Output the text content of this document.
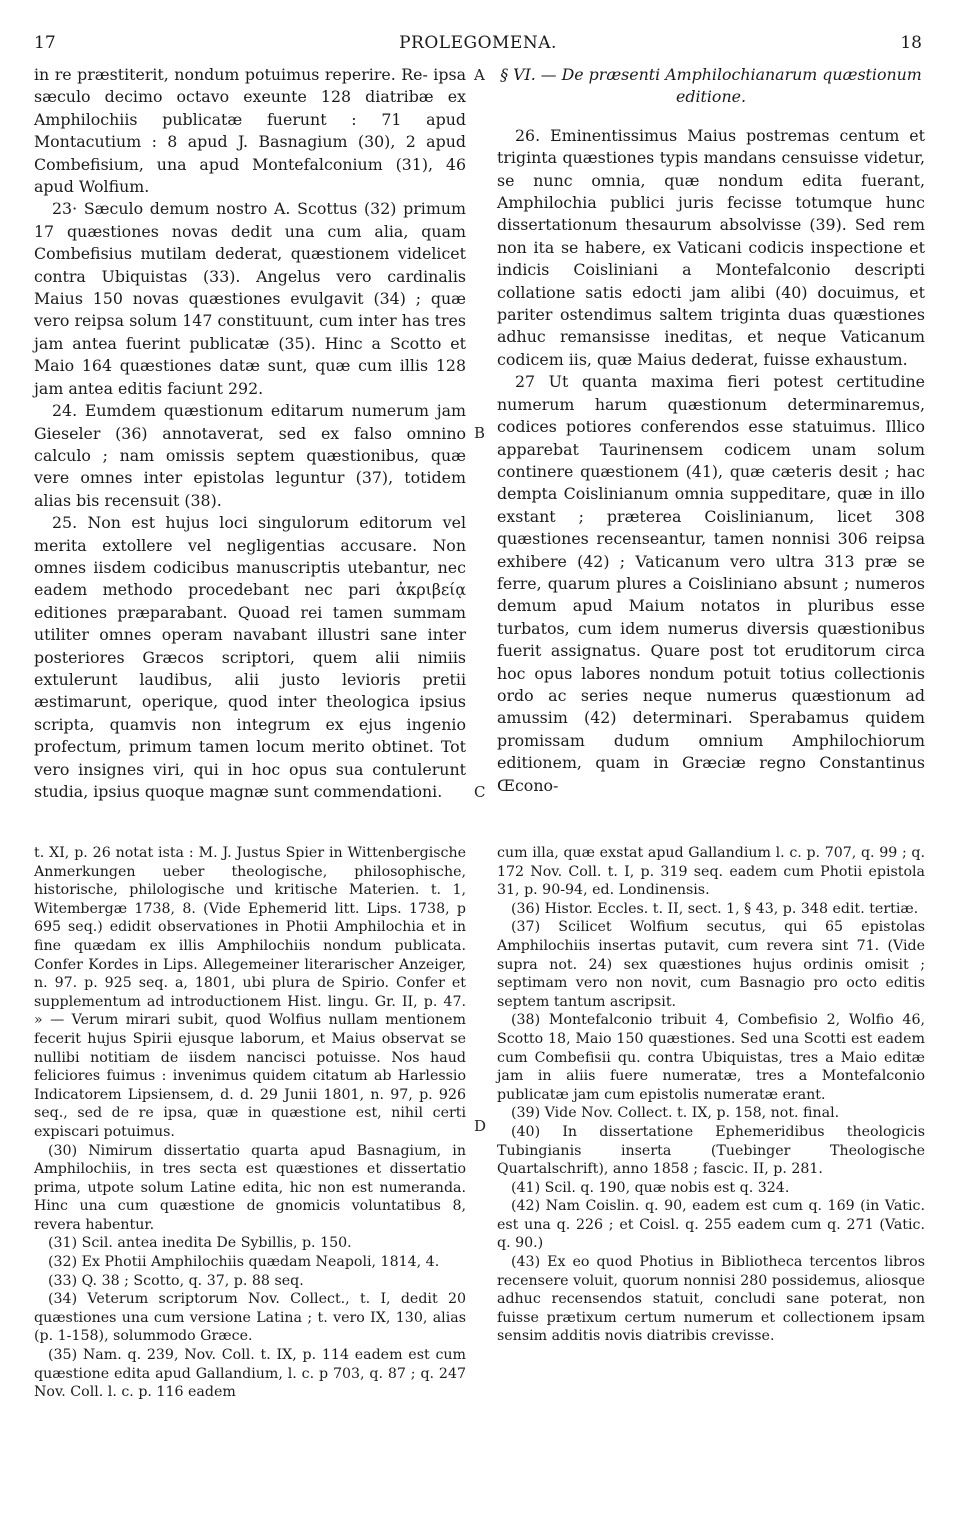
17	PROLEGOMENA.	18
A
B
C
D

in re præstiterit, nondum potuimus reperire. Re- ipsa sæculo decimo octavo exeunte 128 diatribæ ex Amphilochiis publicatæ fuerunt : 71 apud Montacutium : 8 apud J. Basnagium (30), 2 apud Combefisium, una apud Montefalconium (31), 46 apud Wolfium.

23· Sæculo demum nostro A. Scottus (32) primum 17 quæstiones novas dedit una cum alia, quam Combefisius mutilam dederat, quæstionem videlicet contra Ubiquistas (33). Angelus vero cardinalis Maius 150 novas quæstiones evulgavit (34) ; quæ vero reipsa solum 147 constituunt, cum inter has tres jam antea fuerint publicatæ (35). Hinc a Scotto et Maio 164 quæstiones datæ sunt, quæ cum illis 128 jam antea editis faciunt 292.

24. Eumdem quæstionum editarum numerum jam Gieseler (36) annotaverat, sed ex falso omnino calculo ; nam omissis septem quæstionibus, quæ vere omnes inter epistolas leguntur (37), totidem alias bis recensuit (38).

25. Non est hujus loci singulorum editorum vel merita extollere vel negligentias accusare. Non omnes iisdem codicibus manuscriptis utebantur, nec eadem methodo procedebant nec pari ἀκριβείᾳ editiones præparabant. Quoad rei tamen summam utiliter omnes operam navabant illustri sane inter posteriores Græcos scriptori, quem alii nimiis extulerunt laudibus, alii justo levioris pretii æstimarunt, operique, quod inter theologica ipsius scripta, quamvis non integrum ex ejus ingenio profectum, primum tamen locum merito obtinet. Tot vero insignes viri, qui in hoc opus sua contulerunt studia, ipsius quoque magnæ sunt commendationi.

§ VI. — De præsenti Amphilochianarum quæstionum editione.

26. Eminentissimus Maius postremas centum et triginta quæstiones typis mandans censuisse videtur, se nunc omnia, quæ nondum edita fuerant, Amphilochia publici juris fecisse totumque hunc dissertationum thesaurum absolvisse (39). Sed rem non ita se habere, ex Vaticani codicis inspectione et indicis Coisliniani a Montefalconio descripti collatione satis edocti jam alibi (40) docuimus, et pariter ostendimus saltem triginta duas quæstiones adhuc remansisse ineditas, et neque Vaticanum codicem iis, quæ Maius dederat, fuisse exhaustum.

27 Ut quanta maxima fieri potest certitudine numerum harum quæstionum determinaremus, codices potiores conferendos esse statuimus. Illico apparebat Taurinensem codicem unam solum continere quæstionem (41), quæ cæteris desit ; hac dempta Coislinianum omnia suppeditare, quæ in illo exstant ; præterea Coislinianum, licet 308 quæstiones recenseantur, tamen nonnisi 306 reipsa exhibere (42) ; Vaticanum vero ultra 313 præ se ferre, quarum plures a Coisliniano absunt ; numeros demum apud Maium notatos in pluribus esse turbatos, cum idem numerus diversis quæstionibus fuerit assignatus. Quare post tot eruditorum circa hoc opus labores nondum potuit totius collectionis ordo ac series neque numerus quæstionum ad amussim (42) determinari. Sperabamus quidem promissam dudum omnium Amphilochiorum editionem, quam in Græciæ regno Constantinus Œcono-

t. XI, p. 26 notat ista : M. J. Justus Spier in Wittenbergische Anmerkungen ueber theologische, philosophische, historische, philologische und kritische Materien. t. 1, Witembergæ 1738, 8. (Vide Ephemerid litt. Lips. 1738, p 695 seq.) edidit observationes in Photii Amphilochia et in fine quædam ex illis Amphilochiis nondum publicata. Confer Kordes in Lips. Allegemeiner literarischer Anzeiger, n. 97. p. 925 seq. a, 1801, ubi plura de Spirio. Confer et supplementum ad introductionem Hist. lingu. Gr. II, p. 47. » — Verum mirari subit, quod Wolfius nullam mentionem fecerit hujus Spirii ejusque laborum, et Maius observat se nullibi notitiam de iisdem nancisci potuisse. Nos haud feliciores fuimus : invenimus quidem citatum ab Harlessio Indicatorem Lipsiensem, d. d. 29 Junii 1801, n. 97, p. 926 seq., sed de re ipsa, quæ in quæstione est, nihil certi expiscari potuimus.

(30) Nimirum dissertatio quarta apud Basnagium, in Amphilochiis, in tres secta est quæstiones et dissertatio prima, utpote solum Latine edita, hic non est numeranda. Hinc una cum quæstione de gnomicis voluntatibus 8, revera habentur.

(31) Scil. antea inedita De Sybillis, p. 150.

(32) Ex Photii Amphilochiis quædam Neapoli, 1814, 4.

(33) Q. 38 ; Scotto, q. 37, p. 88 seq.

(34) Veterum scriptorum Nov. Collect., t. I, dedit 20 quæstiones una cum versione Latina ; t. vero IX, 130, alias (p. 1-158), solummodo Græce.

(35) Nam. q. 239, Nov. Coll. t. IX, p. 114 eadem est cum quæstione edita apud Gallandium, l. c. p 703, q. 87 ; q. 247 Nov. Coll. l. c. p. 116 eadem

cum illa, quæ exstat apud Gallandium l. c. p. 707, q. 99 ; q. 172 Nov. Coll. t. I, p. 319 seq. eadem cum Photii epistola 31, p. 90-94, ed. Londinensis.

(36) Histor. Eccles. t. II, sect. 1, § 43, p. 348 edit. tertiæ.

(37) Scilicet Wolfium secutus, qui 65 epistolas Amphilochiis insertas putavit, cum revera sint 71. (Vide supra not. 24) sex quæstiones hujus ordinis omisit ; septimam vero non novit, cum Basnagio pro octo editis septem tantum ascripsit.

(38) Montefalconio tribuit 4, Combefisio 2, Wolfio 46, Scotto 18, Maio 150 quæstiones. Sed una Scotti est eadem cum Combefisii qu. contra Ubiquistas, tres a Maio editæ jam in aliis fuere numeratæ, tres a Montefalconio publicatæ jam cum epistolis numeratæ erant.

(39) Vide Nov. Collect. t. IX, p. 158, not. final.

(40) In dissertatione Ephemeridibus theologicis Tubingianis inserta (Tuebinger Theologische Quartalschrift), anno 1858 ; fascic. II, p. 281.

(41) Scil. q. 190, quæ nobis est q. 324.

(42) Nam Coislin. q. 90, eadem est cum q. 169 (in Vatic. est una q. 226 ; et Coisl. q. 255 eadem cum q. 271 (Vatic. q. 90.)

(43) Ex eo quod Photius in Bibliotheca tercentos libros recensere voluit, quorum nonnisi 280 possidemus, aliosque adhuc recensendos statuit, concludi sane poterat, non fuisse prætixum certum numerum et collectionem ipsam sensim additis novis diatribis crevisse.
